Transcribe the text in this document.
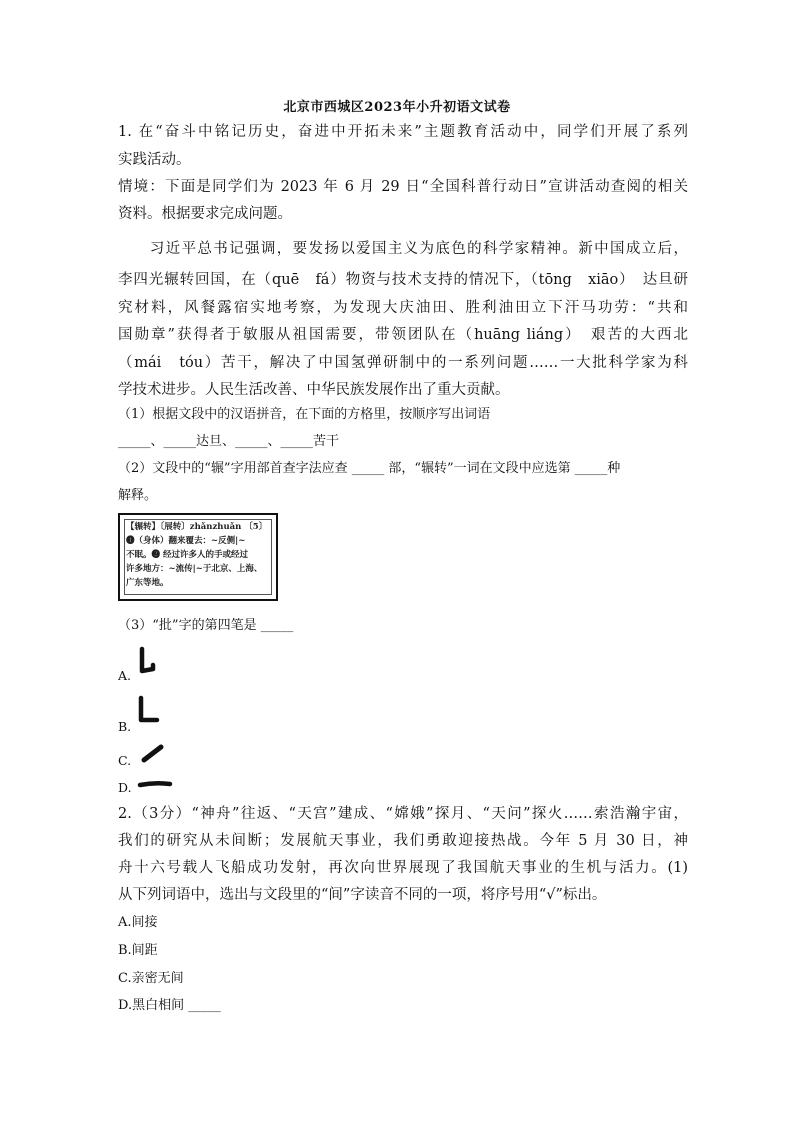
北京市西城区2023年小升初语文试卷
1. 在“奋斗中铭记历史，奋进中开拓未来”主题教育活动中，同学们开展了系列
实践活动。
情境：下面是同学们为 2023 年 6 月 29 日“全国科普行动日”宣讲活动查阅的相关
资料。根据要求完成问题。
　　习近平总书记强调，要发扬以爱国主义为底色的科学家精神。新中国成立后，
李四光辗转回国，在（quē　fá）物资与技术支持的情况下，（tōng　xiāo）　达旦研
究材料，风餐露宿实地考察，为发现大庆油田、胜利油田立下汗马功劳：“共和
国勋章”获得者于敏服从祖国需要，带领团队在（huāng liáng）　艰苦的大西北
（mái　tóu）苦干，解决了中国氢弹研制中的一系列问题……一大批科学家为科
学技术进步。人民生活改善、中华民族发展作出了重大贡献。
（1）根据文段中的汉语拼音，在下面的方格里，按顺序写出词语
_____、_____达旦、_____、_____苦干
（2）文段中的“辗”字用部首查字法应查 _____ 部，“辗转”一词在文段中应选第 _____种
解释。
【辗转】〔展转〕zhǎnzhuǎn 〔5〕
❶（身体）翻来覆去：~反侧|~
不眠。❷ 经过许多人的手或经过
许多地方：~流传|~于北京、上海、
广东等地。
（3）“批”字的第四笔是 _____
A.
B.
C.
D.
2.（3分）“神舟”往返、“天宫”建成、“嫦娥”探月、“天问”探火……索浩瀚宇宙，
我们的研究从未间断；发展航天事业，我们勇敢迎接热战。今年 5 月 30 日，神
舟十六号载人飞船成功发射，再次向世界展现了我国航天事业的生机与活力。(1)
从下列词语中，选出与文段里的“间”字读音不同的一项，将序号用“√”标出。
A.间接
B.间距
C.亲密无间
D.黑白相间 _____
